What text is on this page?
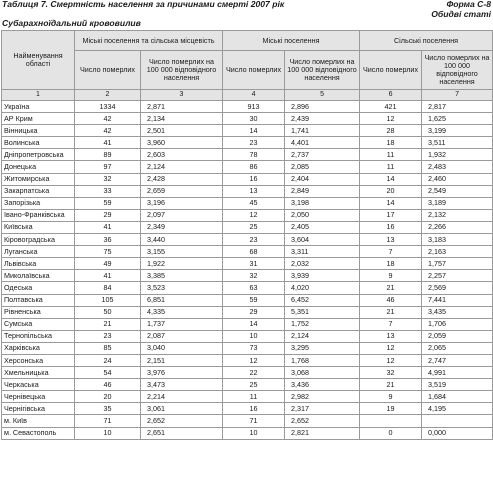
Таблиця 7. Смертність населення за причинами смерті 2007 рік	Форма С-8
Обидві статі
Субарахноїдальний крововилив
Найменування області	Міські поселення та сільська місцевість		Міські поселення		Сільські поселення	
	Число померлих	Число померлих на 100 000 відповідного населення	Число померлих	Число померлих на 100 000 відповідного населення	Число померлих	Число померлих на 100 000 відповідного населення
1	2	3	4	5	6	7
Україна	1334	2,871	913	2,896	421	2,817
АР Крим	42	2,134	30	2,439	12	1,625
Вінницька	42	2,501	14	1,741	28	3,199
Волинська	41	3,960	23	4,401	18	3,511
Дніпропетровська	89	2,603	78	2,737	11	1,932
Донецька	97	2,124	86	2,085	11	2,483
Житомирська	32	2,428	16	2,404	14	2,460
Закарпатська	33	2,659	13	2,849	20	2,549
Запорізька	59	3,196	45	3,198	14	3,189
Івано-Франківська	29	2,097	12	2,050	17	2,132
Київська	41	2,349	25	2,405	16	2,266
Кіровоградська	36	3,440	23	3,604	13	3,183
Луганська	75	3,155	68	3,311	7	2,163
Львівська	49	1,922	31	2,032	18	1,757
Миколаївська	41	3,385	32	3,939	9	2,257
Одеська	84	3,523	63	4,020	21	2,569
Полтавська	105	6,851	59	6,452	46	7,441
Рівненська	50	4,335	29	5,351	21	3,435
Сумська	21	1,737	14	1,752	7	1,706
Тернопільська	23	2,087	10	2,124	13	2,059
Харківська	85	3,040	73	3,295	12	2,065
Херсонська	24	2,151	12	1,768	12	2,747
Хмельницька	54	3,976	22	3,068	32	4,991
Черкаська	46	3,473	25	3,436	21	3,519
Чернівецька	20	2,214	11	2,982	9	1,684
Чернігівська	35	3,061	16	2,317	19	4,195
м. Київ	71	2,652	71	2,652		
м. Севастополь	10	2,651	10	2,821	0	0,000
